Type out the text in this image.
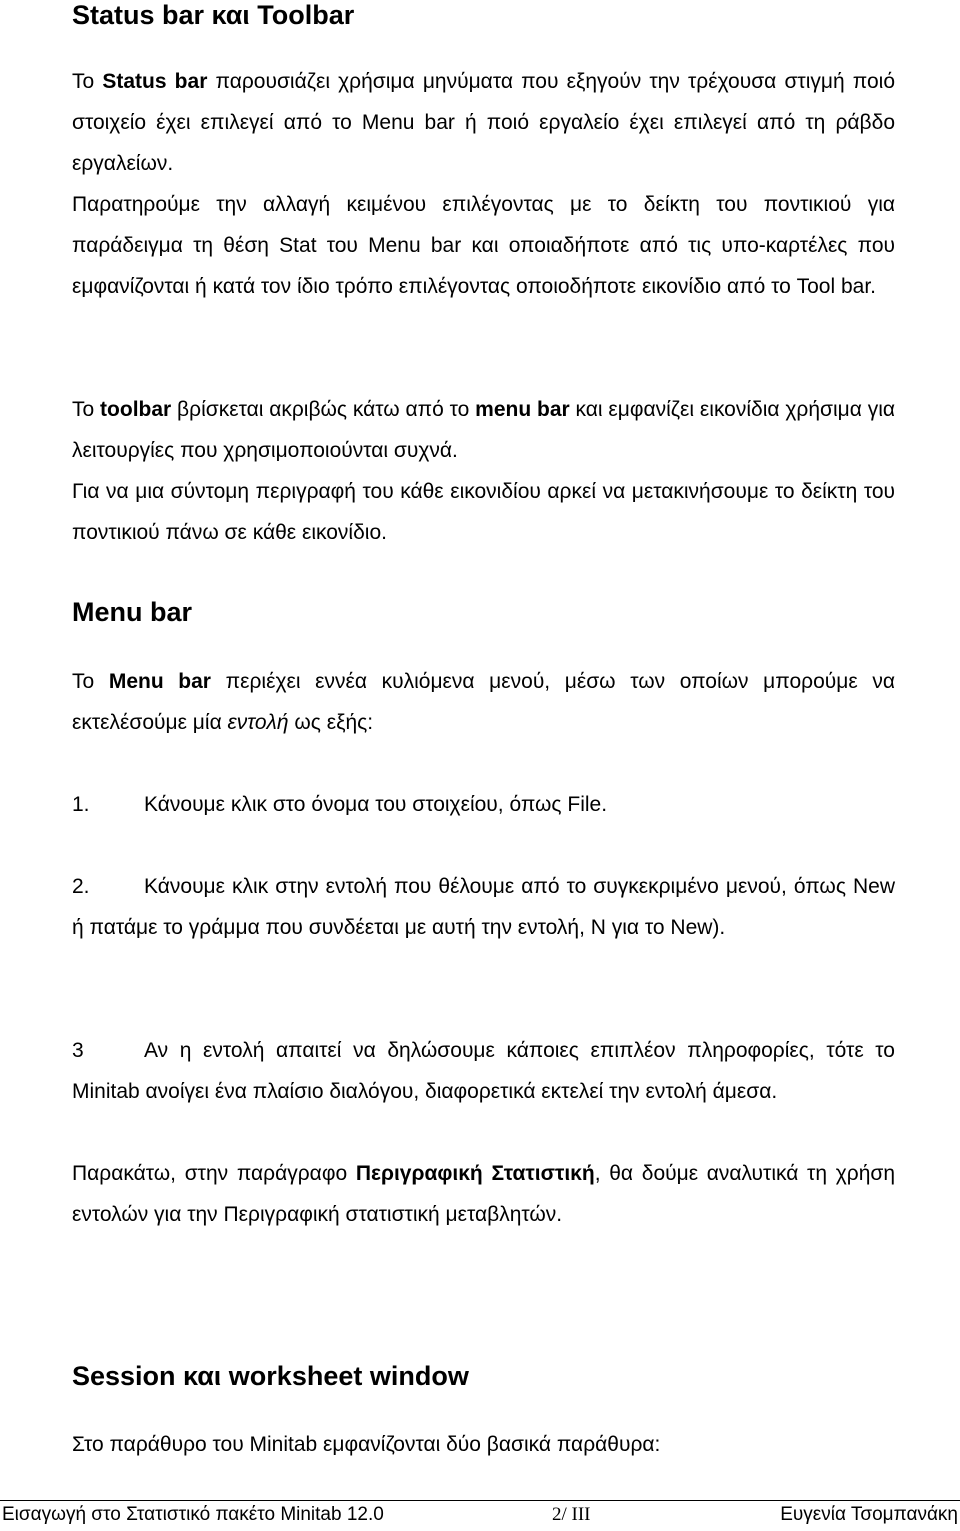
Status bar και Toolbar
Το Status bar παρουσιάζει χρήσιμα μηνύματα που εξηγούν την τρέχουσα στιγμή ποιό στοιχείο έχει επιλεγεί από το Menu bar ή ποιό εργαλείο έχει επιλεγεί από τη ράβδο εργαλείων.
Παρατηρούμε την αλλαγή κειμένου επιλέγοντας με το δείκτη του ποντικιού για παράδειγμα τη θέση Stat του Menu bar και οποιαδήποτε από τις υπο-καρτέλες που εμφανίζονται ή κατά τον ίδιο τρόπο επιλέγοντας οποιοδήποτε εικονίδιο από το Tool bar.
Το toolbar βρίσκεται ακριβώς κάτω από το menu bar και εμφανίζει εικονίδια χρήσιμα για λειτουργίες που χρησιμοποιούνται συχνά.
Για να μια σύντομη περιγραφή του κάθε εικονιδίου αρκεί να μετακινήσουμε το δείκτη του ποντικιού πάνω σε κάθε εικονίδιο.
Menu bar
Το Menu bar περιέχει εννέα κυλιόμενα μενού, μέσω των οποίων μπορούμε να εκτελέσούμε μία εντολή ως εξής:
1.	Κάνουμε κλικ στο όνομα του στοιχείου, όπως File.
2.	Κάνουμε κλικ στην εντολή που θέλουμε από το συγκεκριμένο μενού, όπως New ή πατάμε το γράμμα που συνδέεται με αυτή την εντολή, N για το New).
3	Αν η εντολή απαιτεί να δηλώσουμε κάποιες επιπλέον πληροφορίες, τότε το Minitab ανοίγει ένα πλαίσιο διαλόγου, διαφορετικά εκτελεί την εντολή άμεσα.
Παρακάτω, στην παράγραφο Περιγραφική Στατιστική, θα δούμε αναλυτικά τη χρήση εντολών για την Περιγραφική στατιστική μεταβλητών.
Session και worksheet window
Στο παράθυρο του Minitab εμφανίζονται δύο βασικά παράθυρα:
Εισαγωγή στο Στατιστικό πακέτο Minitab 12.0	2/ ΙΙΙ	Ευγενία Τσομπανάκη
